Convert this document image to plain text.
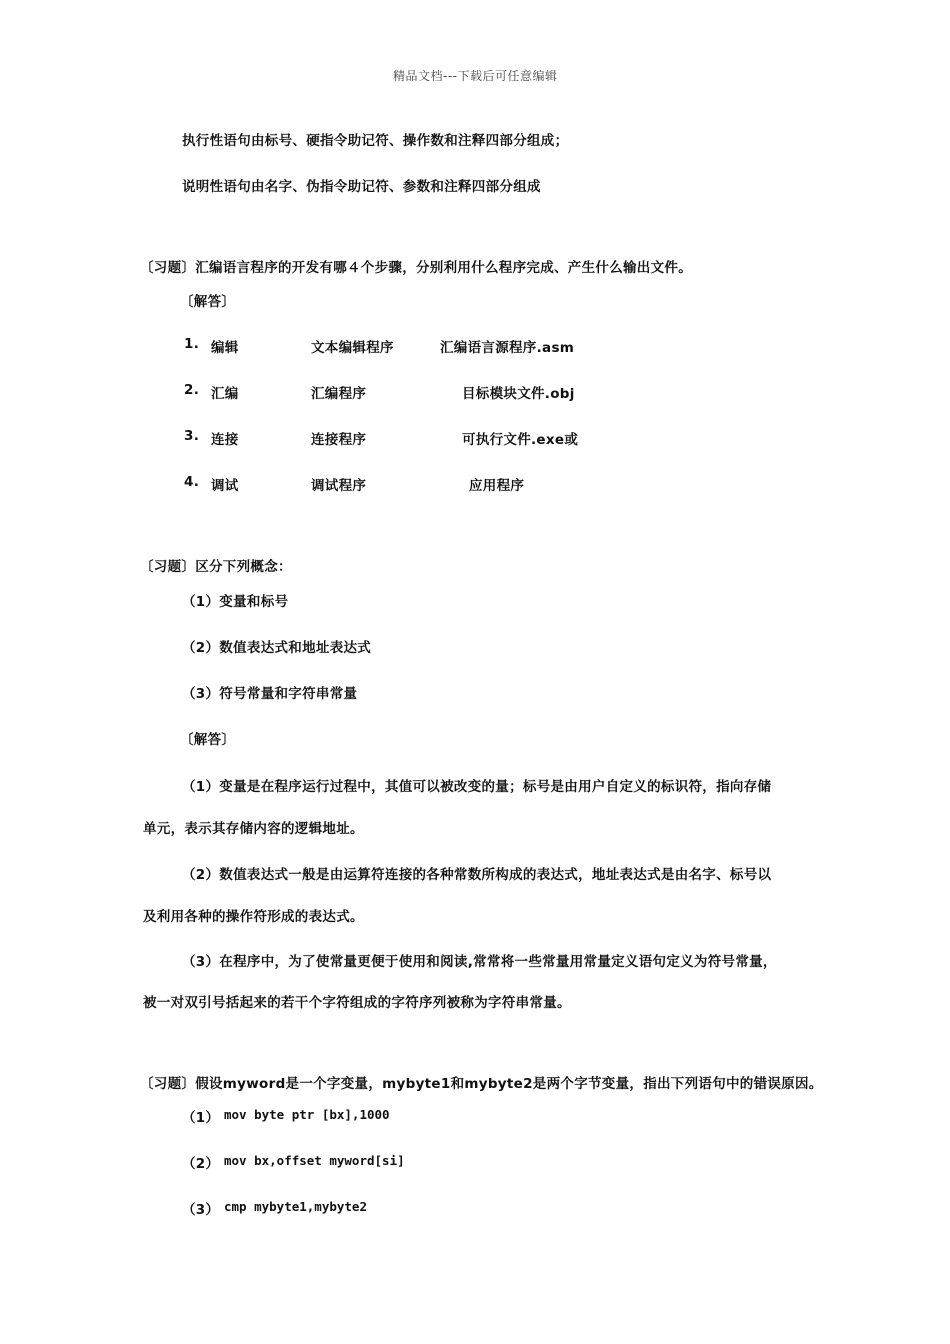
精品文档---下载后可任意编辑
执行性语句由标号、硬指令助记符、操作数和注释四部分组成；
说明性语句由名字、伪指令助记符、参数和注释四部分组成
〔习题〕汇编语言程序的开发有哪４个步骤，分别利用什么程序完成、产生什么输出文件。
〔解答〕
1. 编辑	文本编辑程序	汇编语言源程序.asm
2. 汇编	汇编程序	目标模块文件.obj
3. 连接	连接程序	可执行文件.exe或
4. 调试	调试程序	应用程序
〔习题〕区分下列概念：
（1）变量和标号
（2）数值表达式和地址表达式
（3）符号常量和字符串常量
〔解答〕
（1）变量是在程序运行过程中，其值可以被改变的量；标号是由用户自定义的标识符，指向存储
单元，表示其存储内容的逻辑地址。
（2）数值表达式一般是由运算符连接的各种常数所构成的表达式，地址表达式是由名字、标号以
及利用各种的操作符形成的表达式。
（3）在程序中，为了使常量更便于使用和阅读,常常将一些常量用常量定义语句定义为符号常量，
被一对双引号括起来的若干个字符组成的字符序列被称为字符串常量。
〔习题〕假设myword是一个字变量，mybyte1和mybyte2是两个字节变量，指出下列语句中的错误原因。
（1） mov byte ptr [bx],1000
（2） mov bx,offset myword[si]
（3） cmp mybyte1,mybyte2
